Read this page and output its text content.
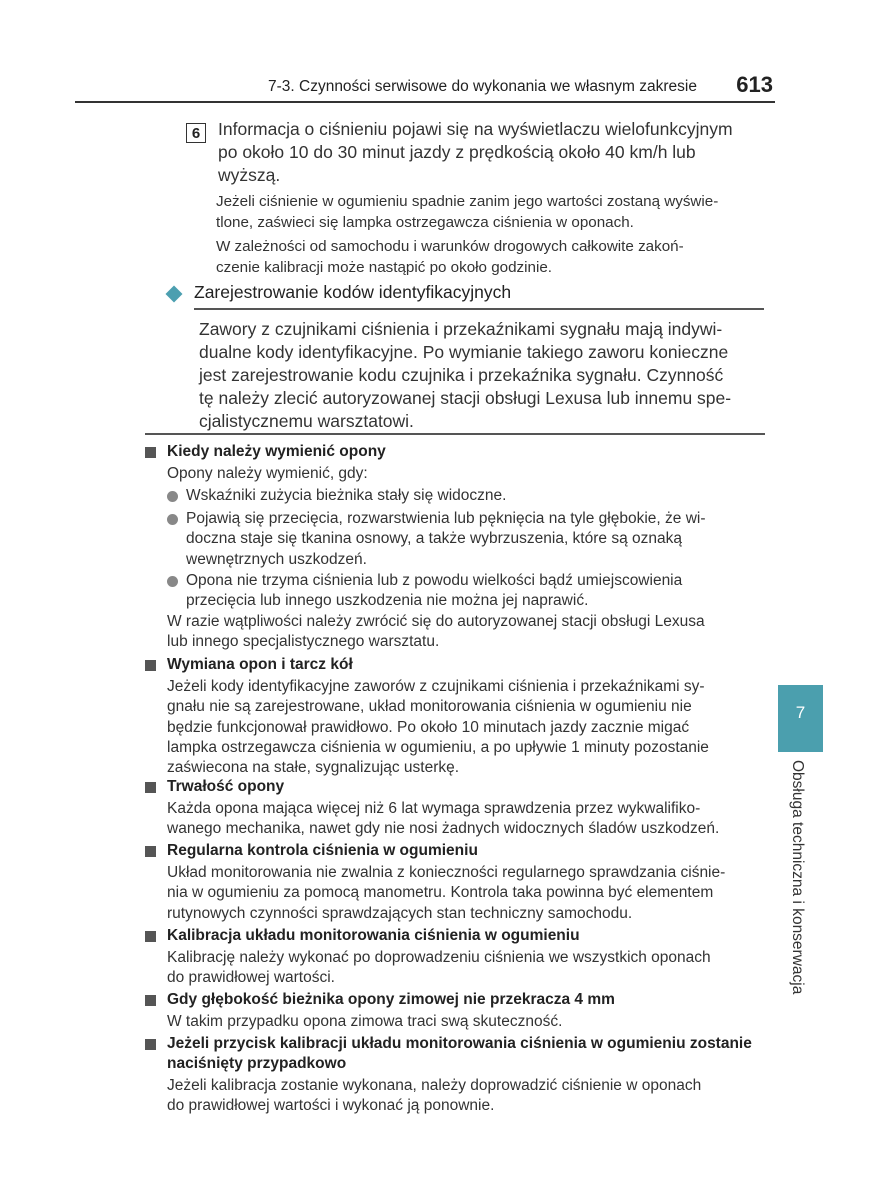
7-3. Czynności serwisowe do wykonania we własnym zakresie 613
6	Informacja o ciśnieniu pojawi się na wyświetlaczu wielofunkcyjnym
po około 10 do 30 minut jazdy z prędkością około 40 km/h lub
wyższą.
Jeżeli ciśnienie w ogumieniu spadnie zanim jego wartości zostaną wyświe-
tlone, zaświeci się lampka ostrzegawcza ciśnienia w oponach.
W zależności od samochodu i warunków drogowych całkowite zakoń-
czenie kalibracji może nastąpić po około godzinie.
Zarejestrowanie kodów identyfikacyjnych
Zawory z czujnikami ciśnienia i przekaźnikami sygnału mają indywi-
dualne kody identyfikacyjne. Po wymianie takiego zaworu konieczne
jest zarejestrowanie kodu czujnika i przekaźnika sygnału. Czynność
tę należy zlecić autoryzowanej stacji obsługi Lexusa lub innemu spe-
cjalistycznemu warsztatowi.
Kiedy należy wymienić opony
Opony należy wymienić, gdy:
Wskaźniki zużycia bieżnika stały się widoczne.
Pojawią się przecięcia, rozwarstwienia lub pęknięcia na tyle głębokie, że wi-
doczna staje się tkanina osnowy, a także wybrzuszenia, które są oznaką
wewnętrznych uszkodzeń.
Opona nie trzyma ciśnienia lub z powodu wielkości bądź umiejscowienia
przecięcia lub innego uszkodzenia nie można jej naprawić.
W razie wątpliwości należy zwrócić się do autoryzowanej stacji obsługi Lexusa
lub innego specjalistycznego warsztatu.
Wymiana opon i tarcz kół
Jeżeli kody identyfikacyjne zaworów z czujnikami ciśnienia i przekaźnikami sy-
gnału nie są zarejestrowane, układ monitorowania ciśnienia w ogumieniu nie
będzie funkcjonował prawidłowo. Po około 10 minutach jazdy zacznie migać
lampka ostrzegawcza ciśnienia w ogumieniu, a po upływie 1 minuty pozostanie
zaświecona na stałe, sygnalizując usterkę.
Trwałość opony
Każda opona mająca więcej niż 6 lat wymaga sprawdzenia przez wykwalifiko-
wanego mechanika, nawet gdy nie nosi żadnych widocznych śladów uszkodzeń.
Regularna kontrola ciśnienia w ogumieniu
Układ monitorowania nie zwalnia z konieczności regularnego sprawdzania ciśnie-
nia w ogumieniu za pomocą manometru. Kontrola taka powinna być elementem
rutynowych czynności sprawdzających stan techniczny samochodu.
Kalibracja układu monitorowania ciśnienia w ogumieniu
Kalibrację należy wykonać po doprowadzeniu ciśnienia we wszystkich oponach
do prawidłowej wartości.
Gdy głębokość bieżnika opony zimowej nie przekracza 4 mm
W takim przypadku opona zimowa traci swą skuteczność.
Jeżeli przycisk kalibracji układu monitorowania ciśnienia w ogumieniu zostanie
naciśnięty przypadkowo
Jeżeli kalibracja zostanie wykonana, należy doprowadzić ciśnienie w oponach
do prawidłowej wartości i wykonać ją ponownie.
7
Obsługa techniczna i konserwacja
